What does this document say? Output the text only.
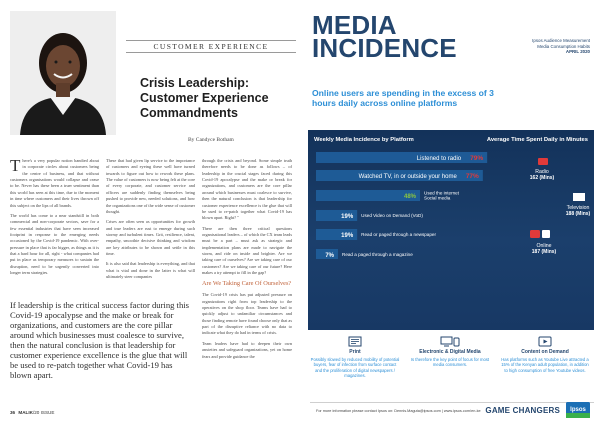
CUSTOMER EXPERIENCE
Crisis Leadership: Customer Experience Commandments
By Candyce Botham

There's a very popular notion bandied about in corporate circles about customers being the centre of business, and that without customers organisations would collapse and cease to be. Never has these been a truer sentiment than this world has seen at this time, due to the moment in time where customers and their lives thrown off this subject on the lips of all brands.

The world has come to a near standstill in both commercial and non-corporate sectors, save for a few essential industries that have seen increased footprint in response to the emerging needs occasioned by the Covid-19 pandemic. With over-pressure in place that is far bigger, as things as it is that a hard hour for all, right - what companies had put in place as temporary measures to sustain the disruption, need to be urgently converted into longer term strategies.

These that had given lip service to the importance of customers and eyeing these well have turned inwards to figure out how to rework these plans. The value of customers is now being felt at the core of every corporate, and customer service and officers are suddenly finding themselves being pushed to provide new, needed solutions, and how the organizations one of the wide sense of customer thought.

Crises are often seen as opportunities for growth and true leaders are rust to emerge during such stormy and turbulent times. Grit, resilience, talent, empathy, smoothie decisive thinking and wisdom are key attributes to be shown and settle in this time.

It is also said that leadership is everything, and that what is vital and done in the latter is what will ultimately steer companies

through the crisis and beyond. Some simple truth therefore needs to be done as follows – of leadership in the crucial stages faced during this Covid-19 apocalypse and the make or break for organizations, and customers are the core pillar around which businesses must coalesce to survive, then the natural conclusion is that leadership for customer experience excellence is the glue that will be used to re-patch together what Covid-19 has blown apart. Right? "

There are then three critical questions organisational leaders – of which the CX team leads must be a part – must ask as strategic and implementation plans are made to navigate the storm, and ride on inside and brighter. Are we taking care of ourselves? Are we taking care of our customers? Are we taking care of our future? Here makes a try attempt to fill in the gap?

Are We Taking Care Of Ourselves?

The Covid-19 crisis has put adjusted pressure on organizations right from top leadership to the operatives on the shop floor. Teams have had to quickly adjust to unfamiliar circumstances and those finding remote have found choose only that as part of the disruptive reliance with no data to indicate what they do had in terms of crisis.

Team leaders have had to deepen their own anxieties and safeguard organizations, yet on home fears and provide guidance the

If leadership is the critical success factor during this Covid-19 apocalypse and the make or break for organizations, and customers are the core pillar around which businesses must coalesce to survive, then the natural conclusion is that leadership for customer experience excellence is the glue that will be used to re-patch together what Covid-19 has blown apart.
36 MALIK/20 ISSUE
MEDIA
INCIDENCE	Ipsos Audience Measurement
Media Consumption Habits
APRIL 2020
Online users are spending in the excess of 3 hours daily across online platforms
Listened to radio 79%
Watched TV, in or outside your home 77%
48%
Used the internet
Social media
19% Used Video on Demand (VoD)
19% Read or paged through a newspaper
7% Read a paged through a magazine
Radio
162 (Mins)
Television
188 (Mins)
Online
187 (Mins)
Weekly Media Incidence by Platform	Average Time Spent Daily in Minutes
Print
Possibly slowed by reduced mobility of potential buyers, fear of infection from surface contact and the proliferation of digital newspapers / magazines.
Electronic & Digital Media
Is therefore the key point of focus for most media consumers.
Content on Demand
Has platforms such as Youtube Live attracted a 15% of the Kenyan adult population, in addition to high consumption of free Youtube videos.
For more information please contact Ipsos on: Dennis.Maguta@ipsos.com | www.ipsos.com/en-ke GAME CHANGERS Ipsos
